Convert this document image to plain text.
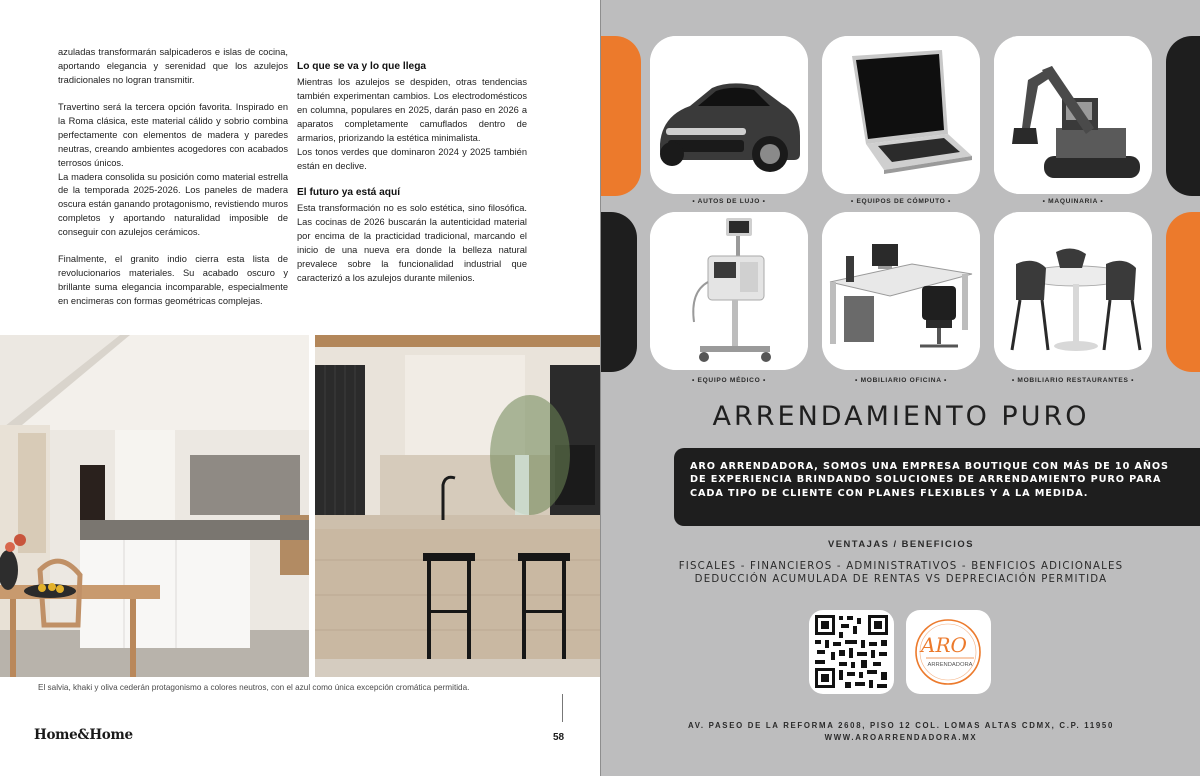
azuladas transformarán salpicaderos e islas de cocina, aportando elegancia y serenidad que los azulejos tradicionales no logran transmitir.

Travertino será la tercera opción favorita. Inspirado en la Roma clásica, este material cálido y sobrio combina perfectamente con elementos de madera y paredes neutras, creando ambientes acogedores con acabados terrosos únicos.

La madera consolida su posición como material estrella de la temporada 2025-2026. Los paneles de madera oscura están ganando protagonismo, revistiendo muros completos y aportando naturalidad imposible de conseguir con azulejos cerámicos.

Finalmente, el granito indio cierra esta lista de revolucionarios materiales. Su acabado oscuro y brillante suma elegancia incomparable, especialmente en encimeras con formas geométricas complejas.

Lo que se va y lo que llega

Mientras los azulejos se despiden, otras tendencias también experimentan cambios. Los electrodomésticos en columna, populares en 2025, darán paso en 2026 a aparatos completamente camuflados dentro de armarios, priorizando la estética minimalista.

Los tonos verdes que dominaron 2024 y 2025 también están en declive.

El futuro ya está aquí

Esta transformación no es solo estética, sino filosófica. Las cocinas de 2026 buscarán la autenticidad material por encima de la practicidad tradicional, marcando el inicio de una nueva era donde la belleza natural prevalece sobre la funcionalidad industrial que caracterizó a los azulejos durante milenios.

El salvia, khaki y oliva cederán protagonismo a colores neutros, con el azul como única excepción cromática permitida.
Home&Home	58
• AUTOS DE LUJO •	• EQUIPOS DE CÓMPUTO •	• MAQUINARIA •
• EQUIPO MÉDICO •	• MOBILIARIO OFICINA •	• MOBILIARIO RESTAURANTES •
ARRENDAMIENTO PURO
ARO ARRENDADORA, SOMOS UNA EMPRESA BOUTIQUE CON MÁS DE 10 AÑOS DE EXPERIENCIA BRINDANDO SOLUCIONES DE ARRENDAMIENTO PURO PARA CADA TIPO DE CLIENTE CON PLANES FLEXIBLES Y A LA MEDIDA.
VENTAJAS / BENEFICIOS
FISCALES - FINANCIEROS - ADMINISTRATIVOS - BENFICIOS ADICIONALES
DEDUCCIÓN ACUMULADA DE RENTAS VS DEPRECIACIÓN PERMITIDA
ARO
ARRENDADORA
AV. PASEO DE LA REFORMA 2608, PISO 12 COL. LOMAS ALTAS CDMX, C.P. 11950
WWW.AROARRENDADORA.MX
